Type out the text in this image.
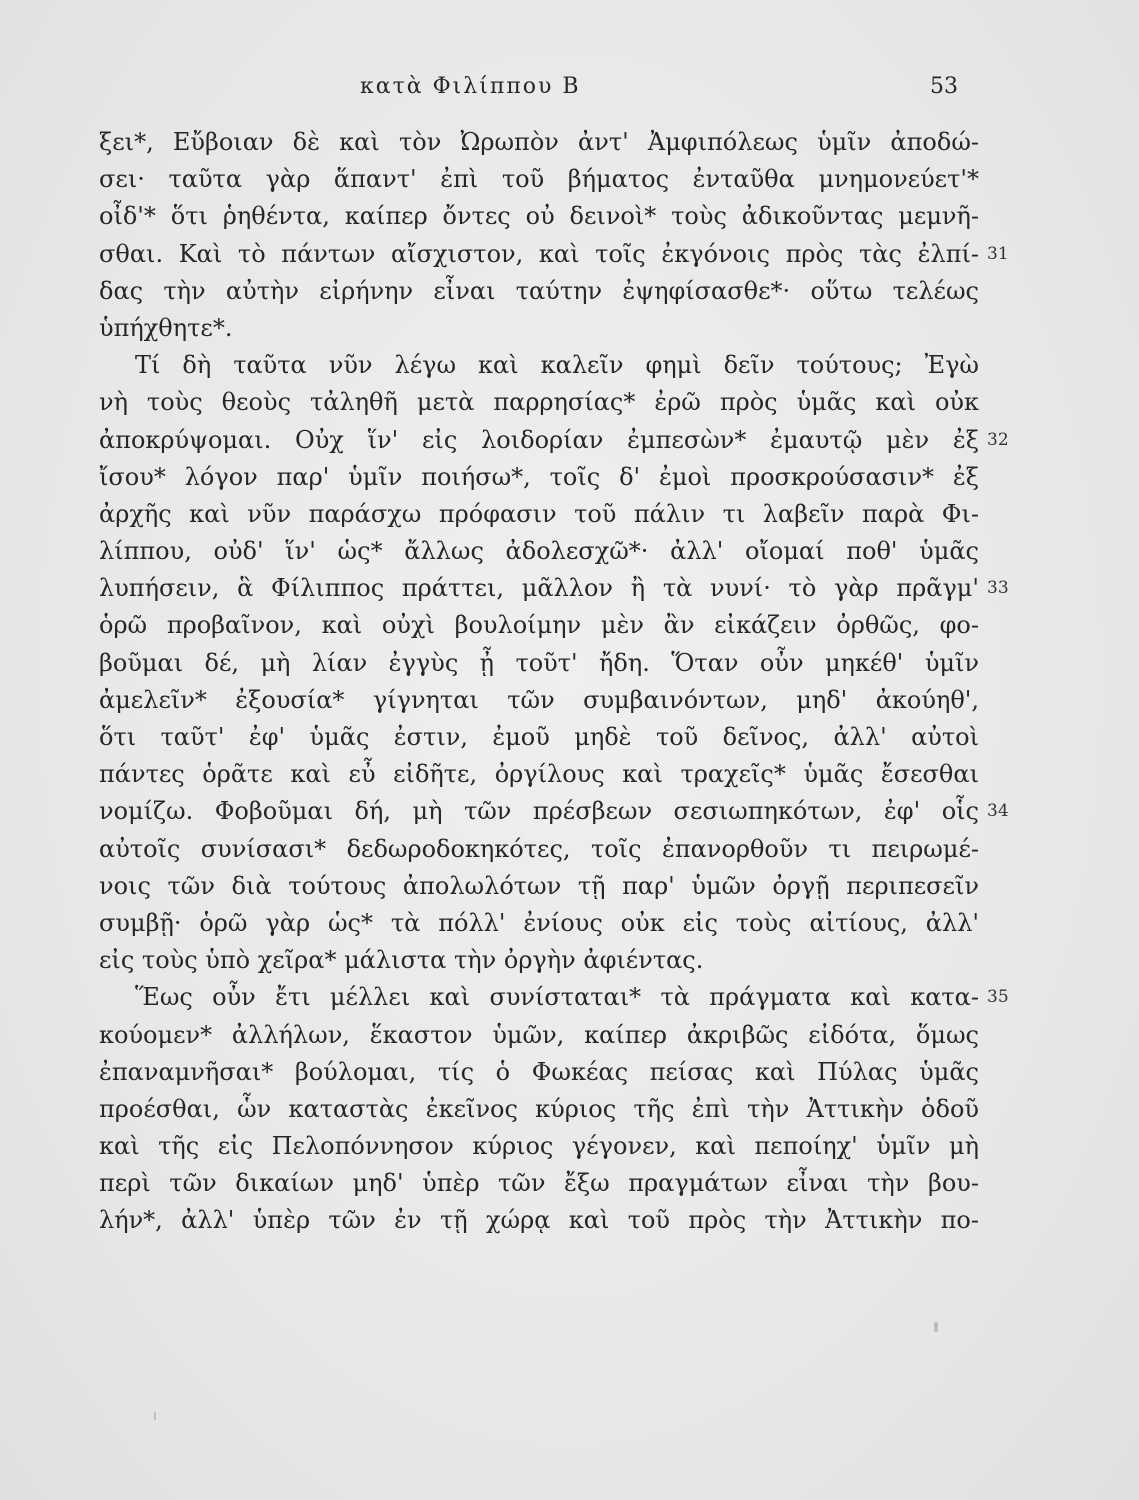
κατὰ Φιλίππου Β	53
ξει*, Εὔβοιαν δὲ καὶ τὸν Ὠρωπὸν ἀντ' Ἀμφιπόλεως ὑμῖν ἀποδώ-
σει· ταῦτα γὰρ ἅπαντ' ἐπὶ τοῦ βήματος ἐνταῦθα μνημονεύετ'*
οἶδ'* ὅτι ῥηθέντα, καίπερ ὄντες οὐ δεινοὶ* τοὺς ἀδικοῦντας μεμνῆ-
σθαι. Καὶ τὸ πάντων αἴσχιστον, καὶ τοῖς ἐκγόνοις πρὸς τὰς ἐλπί- 31
δας τὴν αὐτὴν εἰρήνην εἶναι ταύτην ἐψηφίσασθε*· οὕτω τελέως
ὑπήχθητε*.
Τί δὴ ταῦτα νῦν λέγω καὶ καλεῖν φημὶ δεῖν τούτους; Ἐγὼ
νὴ τοὺς θεοὺς τἀληθῆ μετὰ παρρησίας* ἐρῶ πρὸς ὑμᾶς καὶ οὐκ
ἀποκρύψομαι. Οὐχ ἵν' εἰς λοιδορίαν ἐμπεσὼν* ἐμαυτῷ μὲν ἐξ 32
ἴσου* λόγον παρ' ὑμῖν ποιήσω*, τοῖς δ' ἐμοὶ προσκρούσασιν* ἐξ
ἀρχῆς καὶ νῦν παράσχω πρόφασιν τοῦ πάλιν τι λαβεῖν παρὰ Φι-
λίππου, οὐδ' ἵν' ὡς* ἄλλως ἀδολεσχῶ*· ἀλλ' οἴομαί ποθ' ὑμᾶς
λυπήσειν, ἃ Φίλιππος πράττει, μᾶλλον ἢ τὰ νυνί· τὸ γὰρ πρᾶγμ' 33
ὁρῶ προβαῖνον, καὶ οὐχὶ βουλοίμην μὲν ἂν εἰκάζειν ὀρθῶς, φο-
βοῦμαι δέ, μὴ λίαν ἐγγὺς ᾖ τοῦτ' ἤδη. Ὅταν οὖν μηκέθ' ὑμῖν
ἀμελεῖν* ἐξουσία* γίγνηται τῶν συμβαινόντων, μηδ' ἀκούηθ',
ὅτι ταῦτ' ἐφ' ὑμᾶς ἐστιν, ἐμοῦ μηδὲ τοῦ δεῖνος, ἀλλ' αὐτοὶ
πάντες ὁρᾶτε καὶ εὖ εἰδῆτε, ὀργίλους καὶ τραχεῖς* ὑμᾶς ἔσεσθαι
νομίζω. Φοβοῦμαι δή, μὴ τῶν πρέσβεων σεσιωπηκότων, ἐφ' οἷς 34
αὐτοῖς συνίσασι* δεδωροδοκηκότες, τοῖς ἐπανορθοῦν τι πειρωμέ-
νοις τῶν διὰ τούτους ἀπολωλότων τῇ παρ' ὑμῶν ὀργῇ περιπεσεῖν
συμβῇ· ὁρῶ γὰρ ὡς* τὰ πόλλ' ἐνίους οὐκ εἰς τοὺς αἰτίους, ἀλλ'
εἰς τοὺς ὑπὸ χεῖρα* μάλιστα τὴν ὀργὴν ἀφιέντας.
Ἕως οὖν ἔτι μέλλει καὶ συνίσταται* τὰ πράγματα καὶ κατα- 35
κούομεν* ἀλλήλων, ἕκαστον ὑμῶν, καίπερ ἀκριβῶς εἰδότα, ὅμως
ἐπαναμνῆσαι* βούλομαι, τίς ὁ Φωκέας πείσας καὶ Πύλας ὑμᾶς
προέσθαι, ὧν καταστὰς ἐκεῖνος κύριος τῆς ἐπὶ τὴν Ἀττικὴν ὁδοῦ
καὶ τῆς εἰς Πελοπόννησον κύριος γέγονεν, καὶ πεποίηχ' ὑμῖν μὴ
περὶ τῶν δικαίων μηδ' ὑπὲρ τῶν ἔξω πραγμάτων εἶναι τὴν βου-
λήν*, ἀλλ' ὑπὲρ τῶν ἐν τῇ χώρᾳ καὶ τοῦ πρὸς τὴν Ἀττικὴν πο-
